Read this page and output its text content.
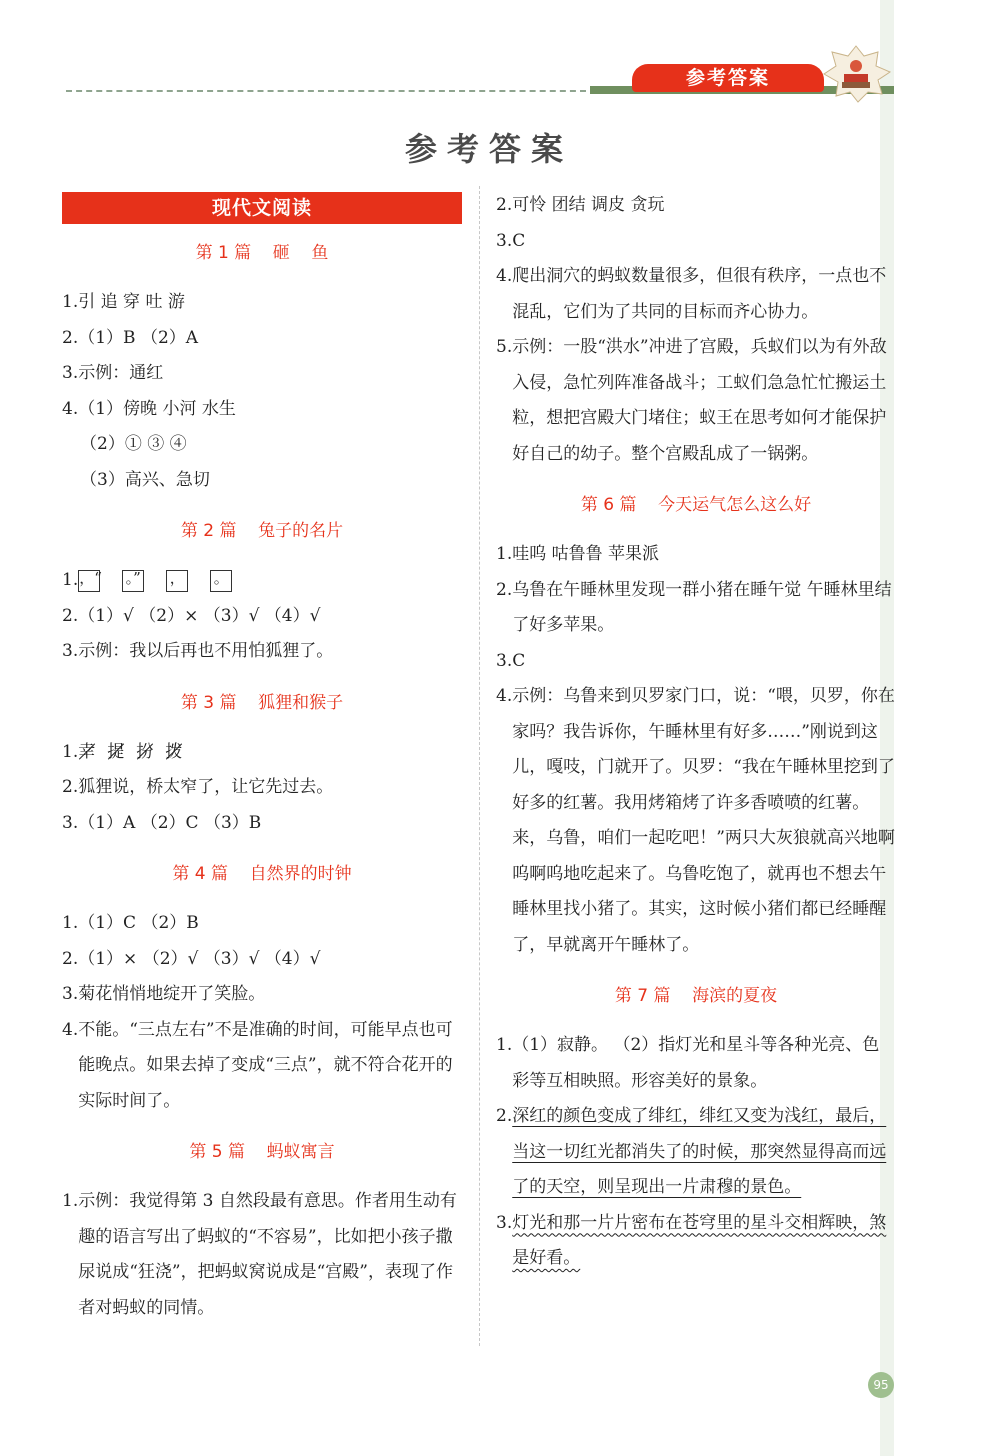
参考答案
参考答案
现代文阅读
第 1 篇    砸    鱼
1. 引 追 穿 吐 游
2. （1）B （2）A
3. 示例：通红
4. （1）傍晚 小河 水生
（2）① ③ ④
（3）高兴、急切
第 2 篇    兔子的名片
1. ，“ 。” ， 。
2. （1）√ （2）× （3）√ （4）√
3. 示例：我以后再也不用怕狐狸了。
第 3 篇    狐狸和猴子
1. 幸 提 扮 拨
2. 狐狸说，桥太窄了，让它先过去。
3. （1）A （2）C （3）B
第 4 篇    自然界的时钟
1. （1）C （2）B
2. （1）× （2）√ （3）√ （4）√
3. 菊花悄悄地绽开了笑脸。
4. 不能。“三点左右”不是准确的时间，可能早点也可能晚点。如果去掉了变成“三点”，就不符合花开的实际时间了。
第 5 篇    蚂蚁寓言
1. 示例：我觉得第 3 自然段最有意思。作者用生动有趣的语言写出了蚂蚁的“不容易”，比如把小孩子撒尿说成“狂浇”，把蚂蚁窝说成是“宫殿”，表现了作者对蚂蚁的同情。
2. 可怜 团结 调皮 贪玩
3. C
4. 爬出洞穴的蚂蚁数量很多，但很有秩序，一点也不混乱，它们为了共同的目标而齐心协力。
5. 示例：一股“洪水”冲进了宫殿，兵蚁们以为有外敌入侵，急忙列阵准备战斗；工蚁们急急忙忙搬运土粒，想把宫殿大门堵住；蚁王在思考如何才能保护好自己的幼子。整个宫殿乱成了一锅粥。
第 6 篇    今天运气怎么这么好
1. 哇呜 咕鲁鲁 苹果派
2. 乌鲁在午睡林里发现一群小猪在睡午觉 午睡林里结了好多苹果。
3. C
4. 示例：乌鲁来到贝罗家门口，说：“喂，贝罗，你在家吗？我告诉你，午睡林里有好多……”刚说到这儿，嘎吱，门就开了。贝罗：“我在午睡林里挖到了好多的红薯。我用烤箱烤了许多香喷喷的红薯。来，乌鲁，咱们一起吃吧！”两只大灰狼就高兴地啊呜啊呜地吃起来了。乌鲁吃饱了，就再也不想去午睡林里找小猪了。其实，这时候小猪们都已经睡醒了，早就离开午睡林了。
第 7 篇    海滨的夏夜
1. （1）寂静。 （2）指灯光和星斗等各种光亮、色彩等互相映照。形容美好的景象。
2. 深红的颜色变成了绯红，绯红又变为浅红，最后，当这一切红光都消失了的时候，那突然显得高而远了的天空，则呈现出一片肃穆的景色。
3. 灯光和那一片片密布在苍穹里的星斗交相辉映，煞是好看。
95
